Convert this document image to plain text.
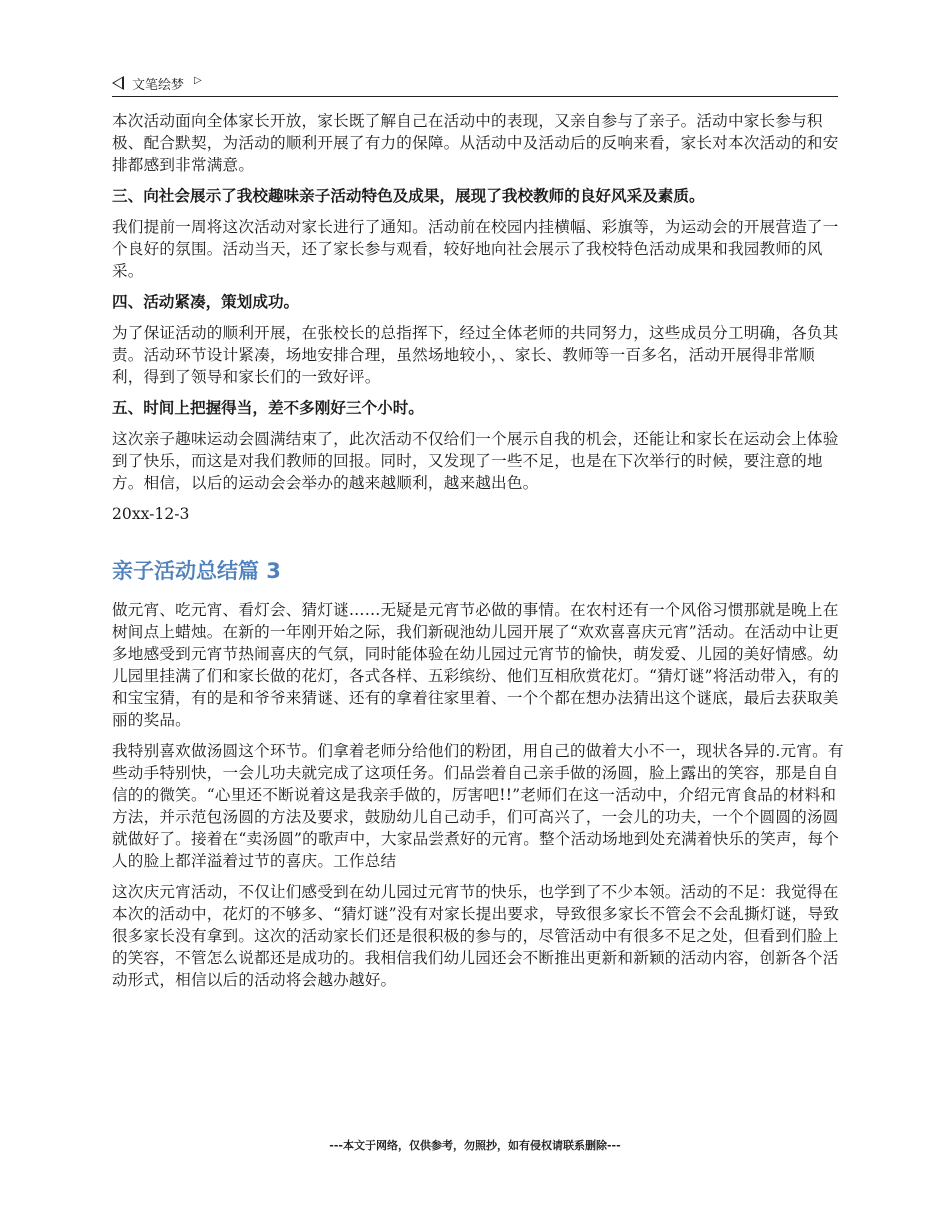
文笔绘梦 ▷

本次活动面向全体家长开放，家长既了解自己在活动中的表现，又亲自参与了亲子。活动中家长参与积极、配合默契，为活动的顺利开展了有力的保障。从活动中及活动后的反响来看，家长对本次活动的和安排都感到非常满意。

三、向社会展示了我校趣味亲子活动特色及成果，展现了我校教师的良好风采及素质。

我们提前一周将这次活动对家长进行了通知。活动前在校园内挂横幅、彩旗等，为运动会的开展营造了一个良好的氛围。活动当天，还了家长参与观看，较好地向社会展示了我校特色活动成果和我园教师的风采。

四、活动紧凑，策划成功。

为了保证活动的顺利开展，在张校长的总指挥下，经过全体老师的共同努力，这些成员分工明确，各负其责。活动环节设计紧凑，场地安排合理，虽然场地较小，、家长、教师等一百多名，活动开展得非常顺利，得到了领导和家长们的一致好评。

五、时间上把握得当，差不多刚好三个小时。

这次亲子趣味运动会圆满结束了，此次活动不仅给们一个展示自我的机会，还能让和家长在运动会上体验到了快乐，而这是对我们教师的回报。同时，又发现了一些不足，也是在下次举行的时候，要注意的地方。相信，以后的运动会会举办的越来越顺利，越来越出色。

20xx-12-3

亲子活动总结篇 3

做元宵、吃元宵、看灯会、猜灯谜……无疑是元宵节必做的事情。在农村还有一个风俗习惯那就是晚上在树间点上蜡烛。在新的一年刚开始之际，我们新砚池幼儿园开展了“欢欢喜喜庆元宵”活动。在活动中让更多地感受到元宵节热闹喜庆的气氛，同时能体验在幼儿园过元宵节的愉快，萌发爱、儿园的美好情感。幼儿园里挂满了们和家长做的花灯，各式各样、五彩缤纷、他们互相欣赏花灯。“猜灯谜”将活动带入，有的和宝宝猜，有的是和爷爷来猜谜、还有的拿着往家里着、一个个都在想办法猜出这个谜底，最后去获取美丽的奖品。

我特别喜欢做汤圆这个环节。们拿着老师分给他们的粉团，用自己的做着大小不一，现状各异的.元宵。有些动手特别快，一会儿功夫就完成了这项任务。们品尝着自己亲手做的汤圆，脸上露出的笑容，那是自自信的的微笑。“心里还不断说着这是我亲手做的，厉害吧!!”老师们在这一活动中，介绍元宵食品的材料和方法，并示范包汤圆的方法及要求，鼓励幼儿自己动手，们可高兴了，一会儿的功夫，一个个圆圆的汤圆就做好了。接着在“卖汤圆”的歌声中，大家品尝煮好的元宵。整个活动场地到处充满着快乐的笑声，每个人的脸上都洋溢着过节的喜庆。工作总结

这次庆元宵活动，不仅让们感受到在幼儿园过元宵节的快乐，也学到了不少本领。活动的不足：我觉得在本次的活动中，花灯的不够多、“猜灯谜”没有对家长提出要求，导致很多家长不管会不会乱撕灯谜，导致很多家长没有拿到。这次的活动家长们还是很积极的参与的，尽管活动中有很多不足之处，但看到们脸上的笑容，不管怎么说都还是成功的。我相信我们幼儿园还会不断推出更新和新颖的活动内容，创新各个活动形式，相信以后的活动将会越办越好。

---本文于网络，仅供参考，勿照抄，如有侵权请联系删除---
